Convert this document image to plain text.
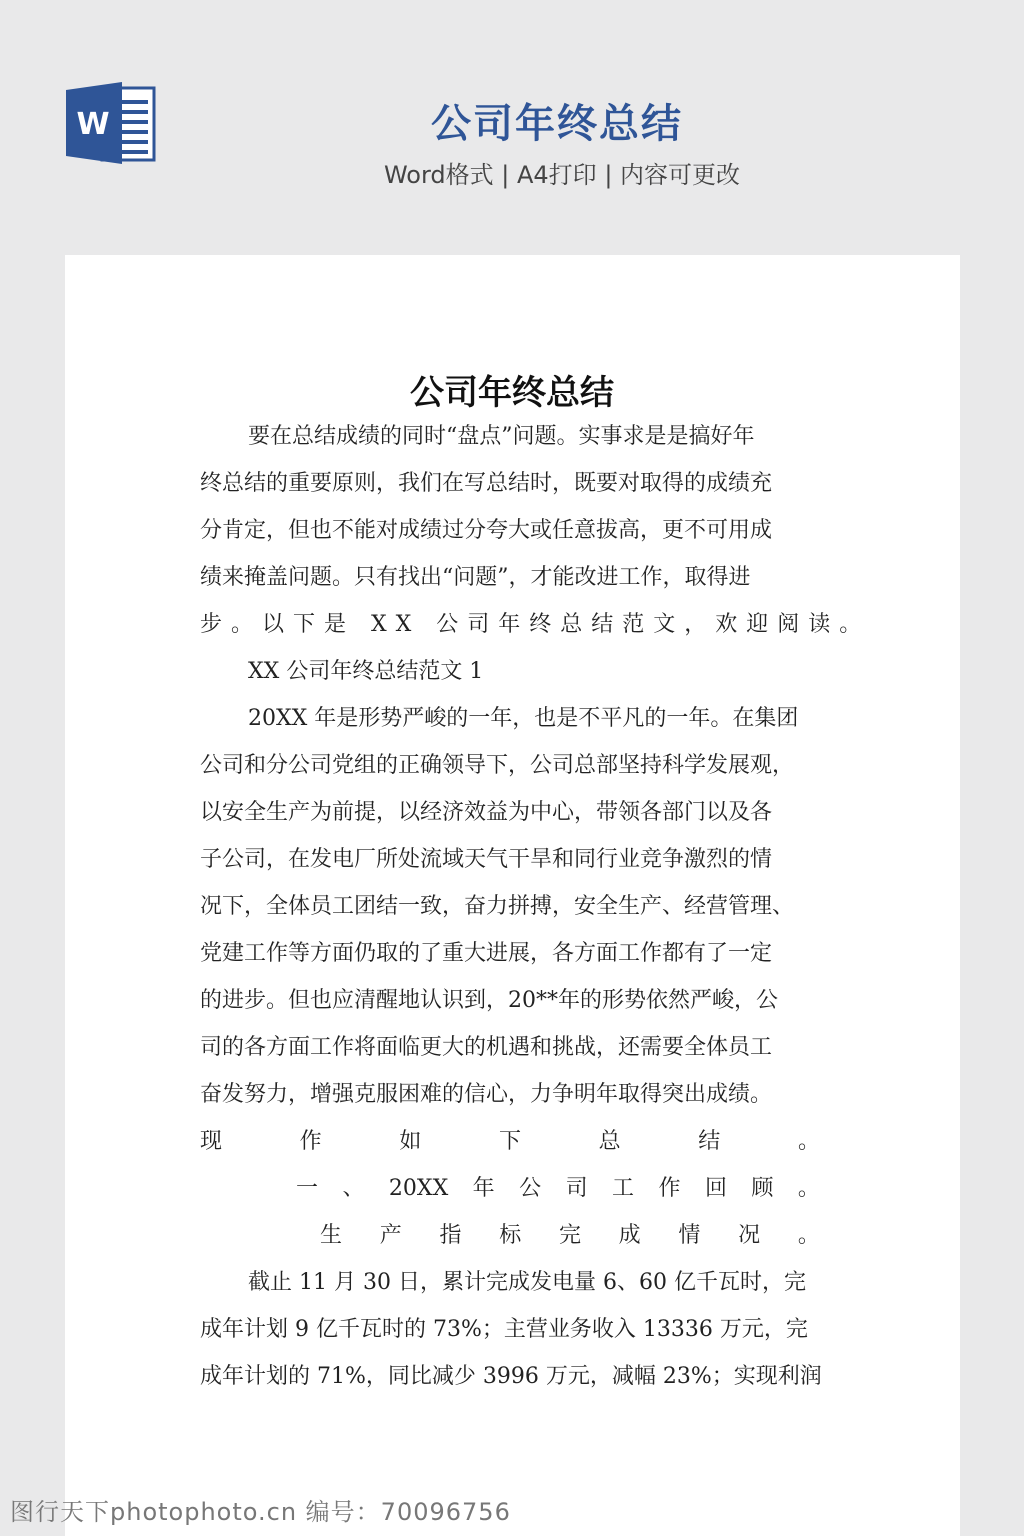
W	公司年终总结
Word格式 | A4打印 | 内容可更改
公司年终总结
要在总结成绩的同时“盘点”问题。实事求是是搞好年
终总结的重要原则，我们在写总结时，既要对取得的成绩充
分肯定，但也不能对成绩过分夸大或任意拔高，更不可用成
绩来掩盖问题。只有找出“问题”，才能改进工作，取得进
步。以下是 XX 公司年终总结范文，欢迎阅读。
XX 公司年终总结范文 1
20XX 年是形势严峻的一年，也是不平凡的一年。在集团
公司和分公司党组的正确领导下，公司总部坚持科学发展观，
以安全生产为前提，以经济效益为中心，带领各部门以及各
子公司，在发电厂所处流域天气干旱和同行业竞争激烈的情
况下，全体员工团结一致，奋力拼搏，安全生产、经营管理、
党建工作等方面仍取的了重大进展，各方面工作都有了一定
的进步。但也应清醒地认识到，20**年的形势依然严峻，公
司的各方面工作将面临更大的机遇和挑战，还需要全体员工
奋发努力，增强克服困难的信心，力争明年取得突出成绩。
现	作	如	下	总	结	。
一 、 20XX 年 公 司 工 作 回 顾 。
生 产 指 标 完 成 情 况 。
截止 11 月 30 日，累计完成发电量 6、60 亿千瓦时，完
成年计划 9 亿千瓦时的 73%；主营业务收入 13336 万元，完
成年计划的 71%，同比减少 3996 万元，减幅 23%；实现利润
图行天下photophoto.cn 编号：70096756
